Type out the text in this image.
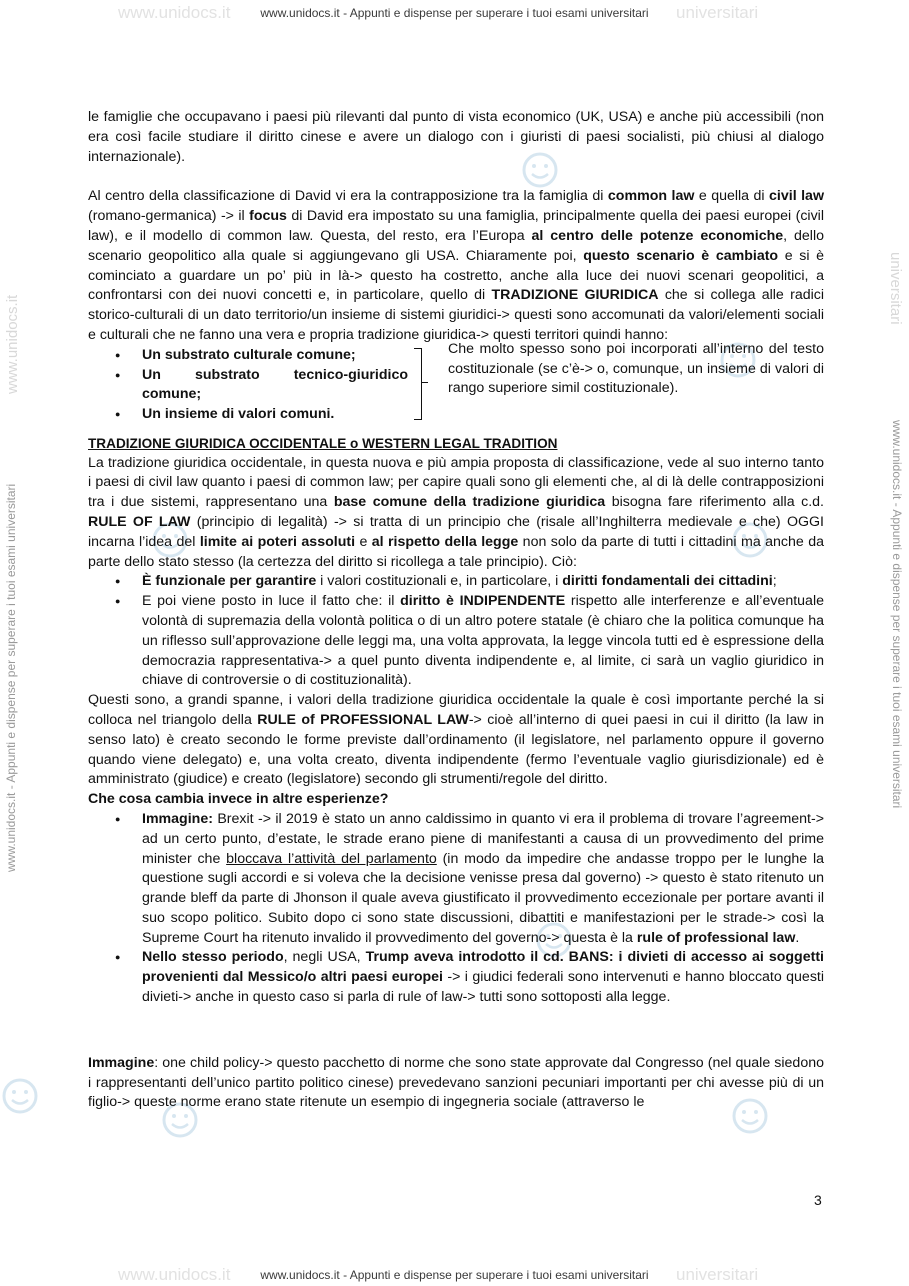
www.unidocs.it	universitari
www.unidocs.it - Appunti e dispense per superare i tuoi esami universitari
www.unidocs.it	universitari
www.unidocs.it - Appunti e dispense per superare i tuoi esami universitari
www.unidocs.it - Appunti e dispense per superare i tuoi esami universitari
www.unidocs.it
www.unidocs.it - Appunti e dispense per superare i tuoi esami universitari
universitari

le famiglie che occupavano i paesi più rilevanti dal punto di vista economico (UK, USA) e anche più accessibili (non era così facile studiare il diritto cinese e avere un dialogo con i giuristi di paesi socialisti, più chiusi al dialogo internazionale).

Al centro della classificazione di David vi era la contrapposizione tra la famiglia di common law e quella di civil law (romano-germanica) -> il focus di David era impostato su una famiglia, principalmente quella dei paesi europei (civil law), e il modello di common law. Questa, del resto, era l’Europa al centro delle potenze economiche, dello scenario geopolitico alla quale si aggiungevano gli USA. Chiaramente poi, questo scenario è cambiato e si è cominciato a guardare un po’ più in là-> questo ha costretto, anche alla luce dei nuovi scenari geopolitici, a confrontarsi con dei nuovi concetti e, in particolare, quello di TRADIZIONE GIURIDICA che si collega alle radici storico-culturali di un dato territorio/un insieme di sistemi giuridici-> questi sono accomunati da valori/elementi sociali e culturali che ne fanno una vera e propria tradizione giuridica-> questi territori quindi hanno:

● Un substrato culturale comune;
● Un substrato tecnico-giuridico comune;
● Un insieme di valori comuni.

Che molto spesso sono poi incorporati all’interno del testo costituzionale (se c’è-> o, comunque, un insieme di valori di rango superiore simil costituzionale).

TRADIZIONE GIURIDICA OCCIDENTALE o WESTERN LEGAL TRADITION

La tradizione giuridica occidentale, in questa nuova e più ampia proposta di classificazione, vede al suo interno tanto i paesi di civil law quanto i paesi di common law; per capire quali sono gli elementi che, al di là delle contrapposizioni tra i due sistemi, rappresentano una base comune della tradizione giuridica bisogna fare riferimento alla c.d. RULE OF LAW (principio di legalità) -> si tratta di un principio che (risale all’Inghilterra medievale e che) OGGI incarna l’idea del limite ai poteri assoluti e al rispetto della legge non solo da parte di tutti i cittadini ma anche da parte dello stato stesso (la certezza del diritto si ricollega a tale principio). Ciò:

● È funzionale per garantire i valori costituzionali e, in particolare, i diritti fondamentali dei cittadini;
● E poi viene posto in luce il fatto che: il diritto è INDIPENDENTE rispetto alle interferenze e all’eventuale volontà di supremazia della volontà politica o di un altro potere statale (è chiaro che la politica comunque ha un riflesso sull’approvazione delle leggi ma, una volta approvata, la legge vincola tutti ed è espressione della democrazia rappresentativa-> a quel punto diventa indipendente e, al limite, ci sarà un vaglio giuridico in chiave di controversie o di costituzionalità).

Questi sono, a grandi spanne, i valori della tradizione giuridica occidentale la quale è così importante perché la si colloca nel triangolo della RULE of PROFESSIONAL LAW-> cioè all’interno di quei paesi in cui il diritto (la law in senso lato) è creato secondo le forme previste dall’ordinamento (il legislatore, nel parlamento oppure il governo quando viene delegato) e, una volta creato, diventa indipendente (fermo l’eventuale vaglio giurisdizionale) ed è amministrato (giudice) e creato (legislatore) secondo gli strumenti/regole del diritto.

Che cosa cambia invece in altre esperienze?

● Immagine: Brexit -> il 2019 è stato un anno caldissimo in quanto vi era il problema di trovare l’agreement-> ad un certo punto, d’estate, le strade erano piene di manifestanti a causa di un provvedimento del prime minister che bloccava l’attività del parlamento (in modo da impedire che andasse troppo per le lunghe la questione sugli accordi e si voleva che la decisione venisse presa dal governo) -> questo è stato ritenuto un grande bleff da parte di Jhonson il quale aveva giustificato il provvedimento eccezionale per portare avanti il suo scopo politico. Subito dopo ci sono state discussioni, dibattiti e manifestazioni per le strade-> così la Supreme Court ha ritenuto invalido il provvedimento del governo-> questa è la rule of professional law.
● Nello stesso periodo, negli USA, Trump aveva introdotto il cd. BANS: i divieti di accesso ai soggetti provenienti dal Messico/o altri paesi europei -> i giudici federali sono intervenuti e hanno bloccato questi divieti-> anche in questo caso si parla di rule of law-> tutti sono sottoposti alla legge.

Immagine: one child policy-> questo pacchetto di norme che sono state approvate dal Congresso (nel quale siedono i rappresentanti dell’unico partito politico cinese) prevedevano sanzioni pecuniari importanti per chi avesse più di un figlio-> queste norme erano state ritenute un esempio di ingegneria sociale (attraverso le

3
